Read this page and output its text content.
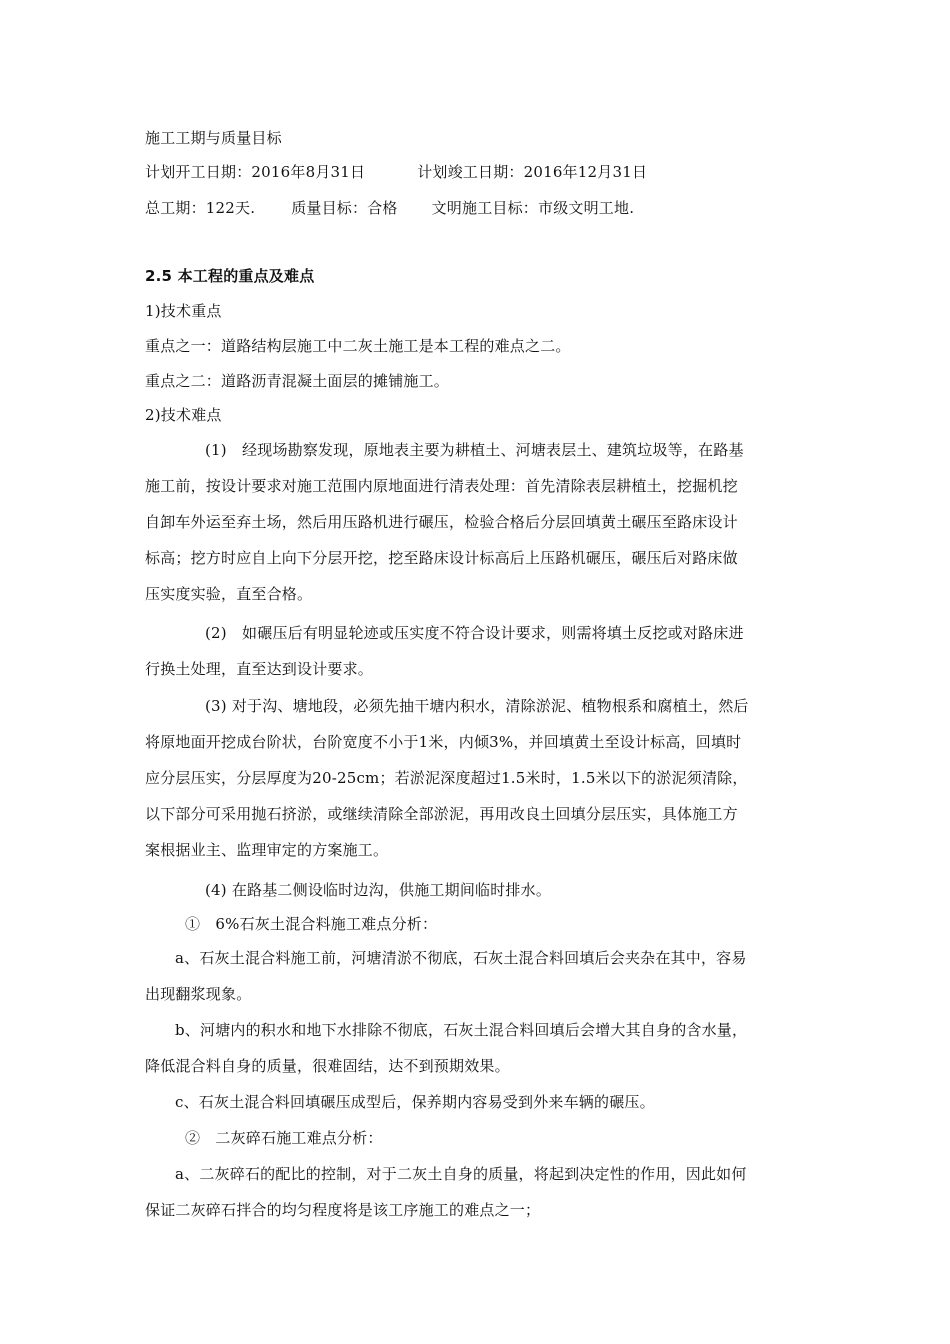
施工工期与质量目标
计划开工日期：2016年8月31日	计划竣工日期：2016年12月31日
总工期：122天. 质量目标：合格 文明施工目标：市级文明工地.
2.5 本工程的重点及难点
1)技术重点
重点之一：道路结构层施工中二灰土施工是本工程的难点之二。
重点之二：道路沥青混凝土面层的摊铺施工。
2)技术难点
(1)　经现场勘察发现，原地表主要为耕植土、河塘表层土、建筑垃圾等，在路基
施工前，按设计要求对施工范围内原地面进行清表处理：首先清除表层耕植土，挖掘机挖
自卸车外运至弃土场，然后用压路机进行碾压，检验合格后分层回填黄土碾压至路床设计
标高；挖方时应自上向下分层开挖，挖至路床设计标高后上压路机碾压，碾压后对路床做
压实度实验，直至合格。
(2)　如碾压后有明显轮迹或压实度不符合设计要求，则需将填土反挖或对路床进
行换土处理，直至达到设计要求。
(3) 对于沟、塘地段，必须先抽干塘内积水，清除淤泥、植物根系和腐植土，然后
将原地面开挖成台阶状，台阶宽度不小于1米，内倾3%，并回填黄土至设计标高，回填时
应分层压实，分层厚度为20-25cm；若淤泥深度超过1.5米时，1.5米以下的淤泥须清除，
以下部分可采用抛石挤淤，或继续清除全部淤泥，再用改良土回填分层压实，具体施工方
案根据业主、监理审定的方案施工。
(4) 在路基二侧设临时边沟，供施工期间临时排水。
①　6%石灰土混合料施工难点分析：
a、石灰土混合料施工前，河塘清淤不彻底，石灰土混合料回填后会夹杂在其中，容易
出现翻浆现象。
b、河塘内的积水和地下水排除不彻底，石灰土混合料回填后会增大其自身的含水量，
降低混合料自身的质量，很难固结，达不到预期效果。
c、石灰土混合料回填碾压成型后，保养期内容易受到外来车辆的碾压。
②　二灰碎石施工难点分析：
a、二灰碎石的配比的控制，对于二灰土自身的质量，将起到决定性的作用，因此如何
保证二灰碎石拌合的均匀程度将是该工序施工的难点之一；
